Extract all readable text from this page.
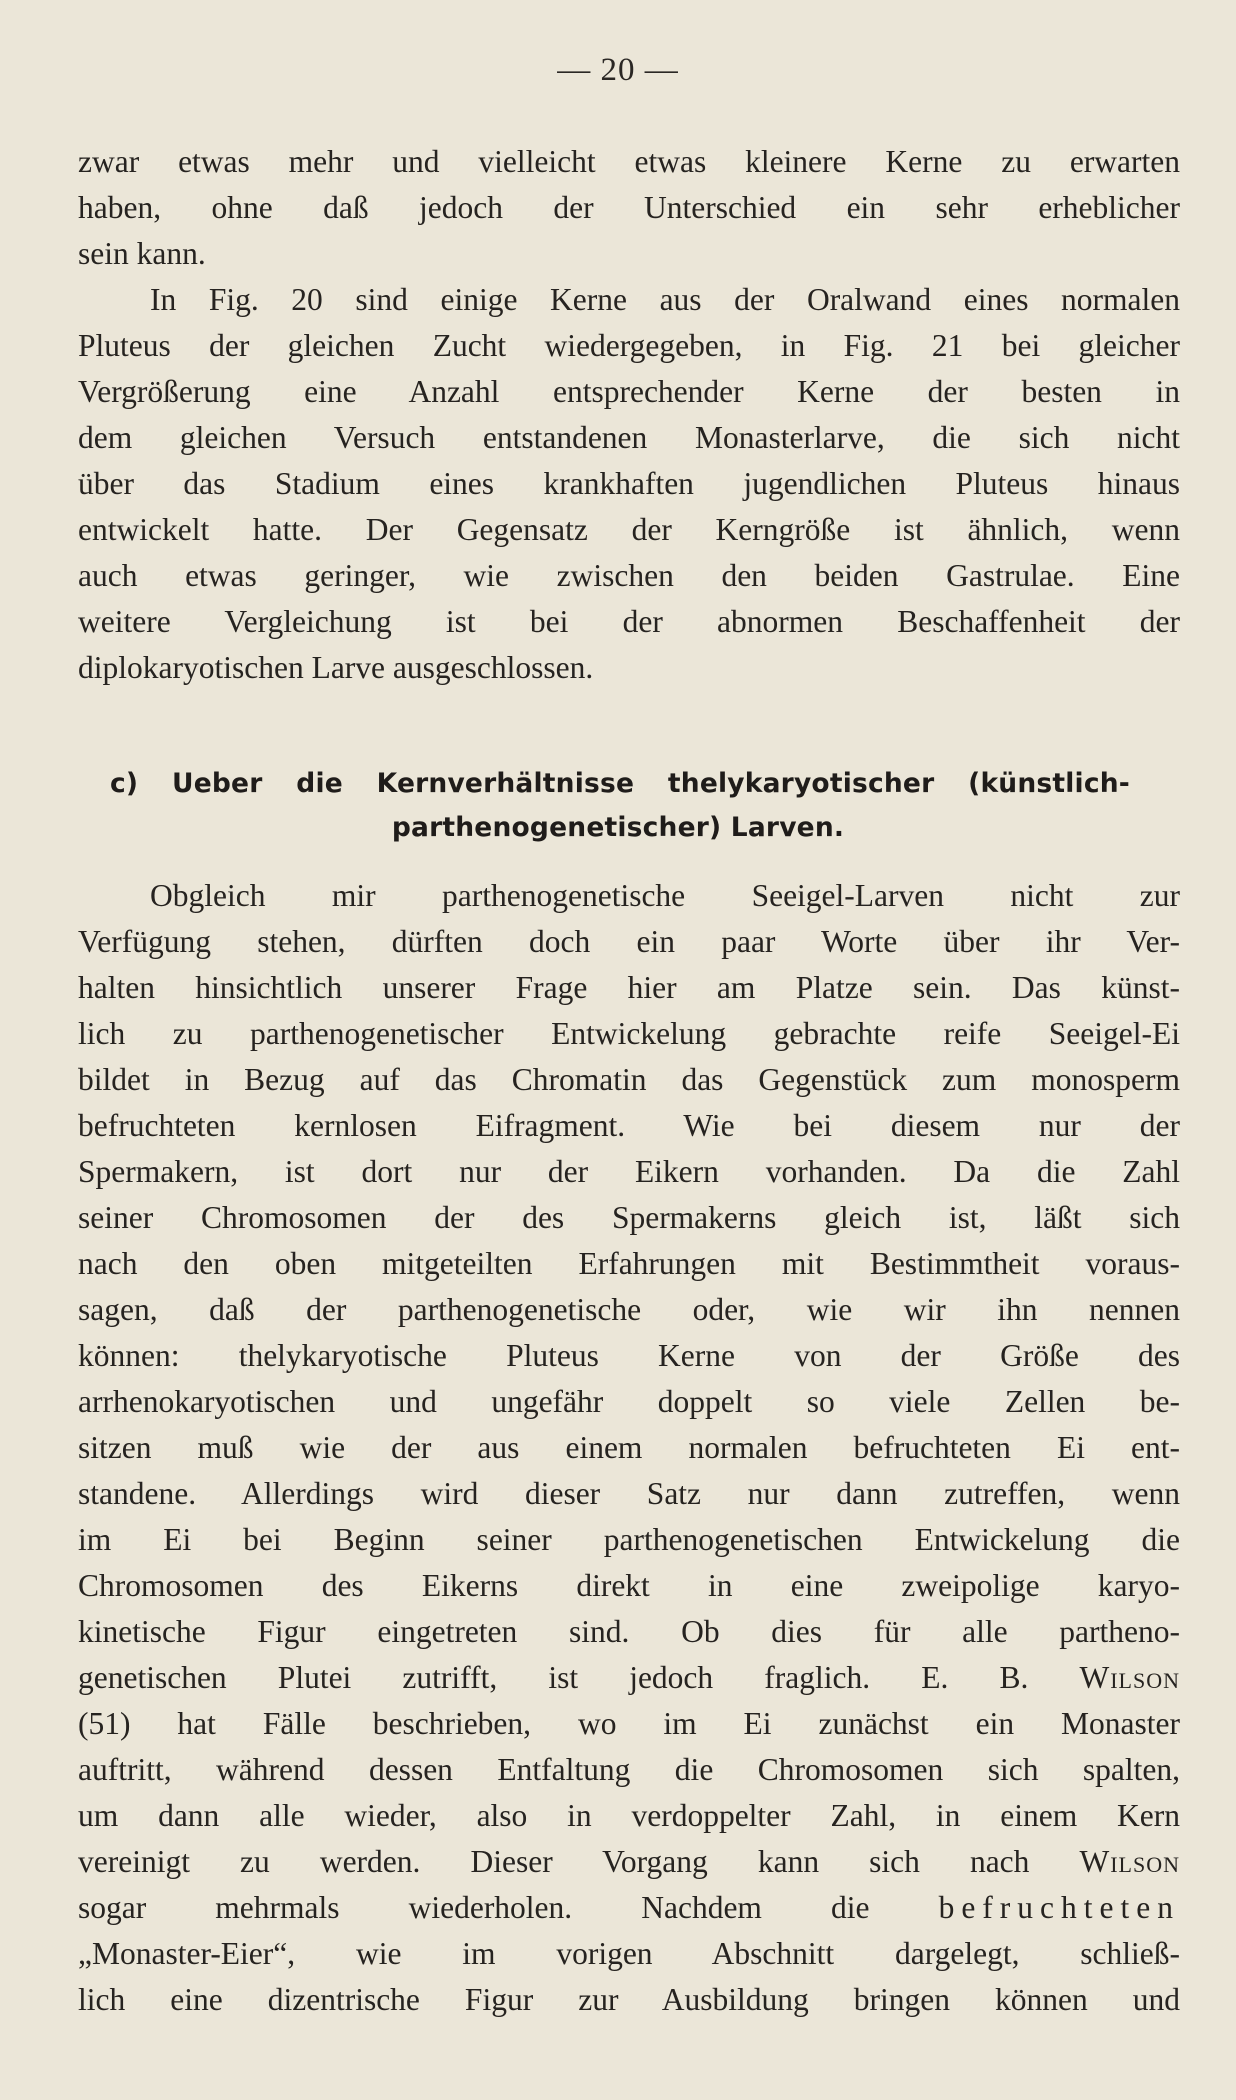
— 20 —

zwar etwas mehr und vielleicht etwas kleinere Kerne zu erwarten

haben, ohne daß jedoch der Unterschied ein sehr erheblicher

sein kann.

In Fig. 20 sind einige Kerne aus der Oralwand eines normalen

Pluteus der gleichen Zucht wiedergegeben, in Fig. 21 bei gleicher

Vergrößerung eine Anzahl entsprechender Kerne der besten in

dem gleichen Versuch entstandenen Monasterlarve, die sich nicht

über das Stadium eines krankhaften jugendlichen Pluteus hinaus

entwickelt hatte. Der Gegensatz der Kerngröße ist ähnlich, wenn

auch etwas geringer, wie zwischen den beiden Gastrulae. Eine

weitere Vergleichung ist bei der abnormen Beschaffenheit der

diplokaryotischen Larve ausgeschlossen.

c) Ueber die Kernverhältnisse thelykaryotischer (künstlich-

parthenogenetischer) Larven.

Obgleich mir parthenogenetische Seeigel-Larven nicht zur

Verfügung stehen, dürften doch ein paar Worte über ihr Ver-

halten hinsichtlich unserer Frage hier am Platze sein. Das künst-

lich zu parthenogenetischer Entwickelung gebrachte reife Seeigel-Ei

bildet in Bezug auf das Chromatin das Gegenstück zum monosperm

befruchteten kernlosen Eifragment. Wie bei diesem nur der

Spermakern, ist dort nur der Eikern vorhanden. Da die Zahl

seiner Chromosomen der des Spermakerns gleich ist, läßt sich

nach den oben mitgeteilten Erfahrungen mit Bestimmtheit voraus-

sagen, daß der parthenogenetische oder, wie wir ihn nennen

können: thelykaryotische Pluteus Kerne von der Größe des

arrhenokaryotischen und ungefähr doppelt so viele Zellen be-

sitzen muß wie der aus einem normalen befruchteten Ei ent-

standene. Allerdings wird dieser Satz nur dann zutreffen, wenn

im Ei bei Beginn seiner parthenogenetischen Entwickelung die

Chromosomen des Eikerns direkt in eine zweipolige karyo-

kinetische Figur eingetreten sind. Ob dies für alle partheno-

genetischen Plutei zutrifft, ist jedoch fraglich. E. B. Wilson

(51) hat Fälle beschrieben, wo im Ei zunächst ein Monaster

auftritt, während dessen Entfaltung die Chromosomen sich spalten,

um dann alle wieder, also in verdoppelter Zahl, in einem Kern

vereinigt zu werden. Dieser Vorgang kann sich nach Wilson

sogar mehrmals wiederholen. Nachdem die befruchteten

„Monaster-Eier“, wie im vorigen Abschnitt dargelegt, schließ-

lich eine dizentrische Figur zur Ausbildung bringen können und
